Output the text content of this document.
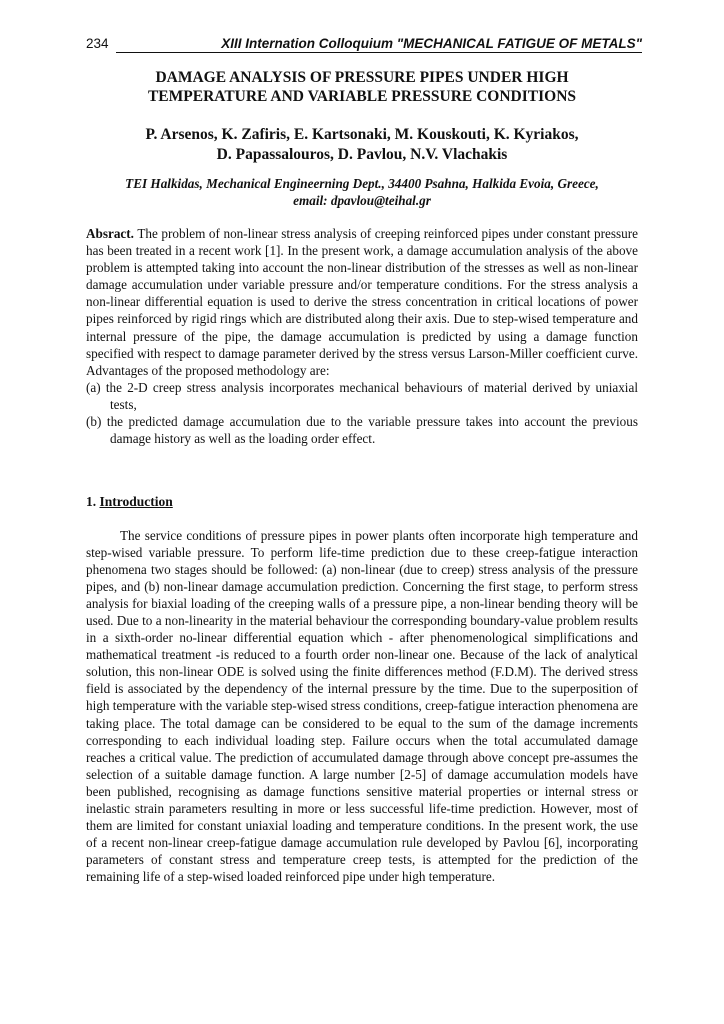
234	XIII Internation Colloquium "MECHANICAL FATIGUE OF METALS"
DAMAGE ANALYSIS OF PRESSURE PIPES UNDER HIGH
TEMPERATURE AND VARIABLE PRESSURE CONDITIONS
P. Arsenos, K. Zafiris, E. Kartsonaki, M. Kouskouti, K. Kyriakos,
D. Papassalouros, D. Pavlou, N.V. Vlachakis
TEI Halkidas, Mechanical Engineerning Dept., 34400 Psahna, Halkida Evoia, Greece,
email: dpavlou@teihal.gr

Absract. The problem of non-linear stress analysis of creeping reinforced pipes under constant pressure has been treated in a recent work [1]. In the present work, a damage accumulation analysis of the above problem is attempted taking into account the non-linear distribution of the stresses as well as non-linear damage accumulation under variable pressure and/or temperature conditions. For the stress analysis a non-linear differential equation is used to derive the stress concentration in critical locations of power pipes reinforced by rigid rings which are distributed along their axis. Due to step-wised temperature and internal pressure of the pipe, the damage accumulation is predicted by using a damage function specified with respect to damage parameter derived by the stress versus Larson-Miller coefficient curve. Advantages of the proposed methodology are:

(a) the 2-D creep stress analysis incorporates mechanical behaviours of material derived by uniaxial tests,

(b) the predicted damage accumulation due to the variable pressure takes into account the previous damage history as well as the loading order effect.

1. Introduction

The service conditions of pressure pipes in power plants often incorporate high temperature and step-wised variable pressure. To perform life-time prediction due to these creep-fatigue interaction phenomena two stages should be followed: (a) non-linear (due to creep) stress analysis of the pressure pipes, and (b) non-linear damage accumulation prediction. Concerning the first stage, to perform stress analysis for biaxial loading of the creeping walls of a pressure pipe, a non-linear bending theory will be used. Due to a non-linearity in the material behaviour the corresponding boundary-value problem results in a sixth-order no-linear differential equation which - after phenomenological simplifications and mathematical treatment -is reduced to a fourth order non-linear one. Because of the lack of analytical solution, this non-linear ODE is solved using the finite differences method (F.D.M). The derived stress field is associated by the dependency of the internal pressure by the time. Due to the superposition of high temperature with the variable step-wised stress conditions, creep-fatigue interaction phenomena are taking place. The total damage can be considered to be equal to the sum of the damage increments corresponding to each individual loading step. Failure occurs when the total accumulated damage reaches a critical value. The prediction of accumulated damage through above concept pre-assumes the selection of a suitable damage function. A large number [2-5] of damage accumulation models have been published, recognising as damage functions sensitive material properties or internal stress or inelastic strain parameters resulting in more or less successful life-time prediction. However, most of them are limited for constant uniaxial loading and temperature conditions. In the present work, the use of a recent non-linear creep-fatigue damage accumulation rule developed by Pavlou [6], incorporating parameters of constant stress and temperature creep tests, is attempted for the prediction of the remaining life of a step-wised loaded reinforced pipe under high temperature.
